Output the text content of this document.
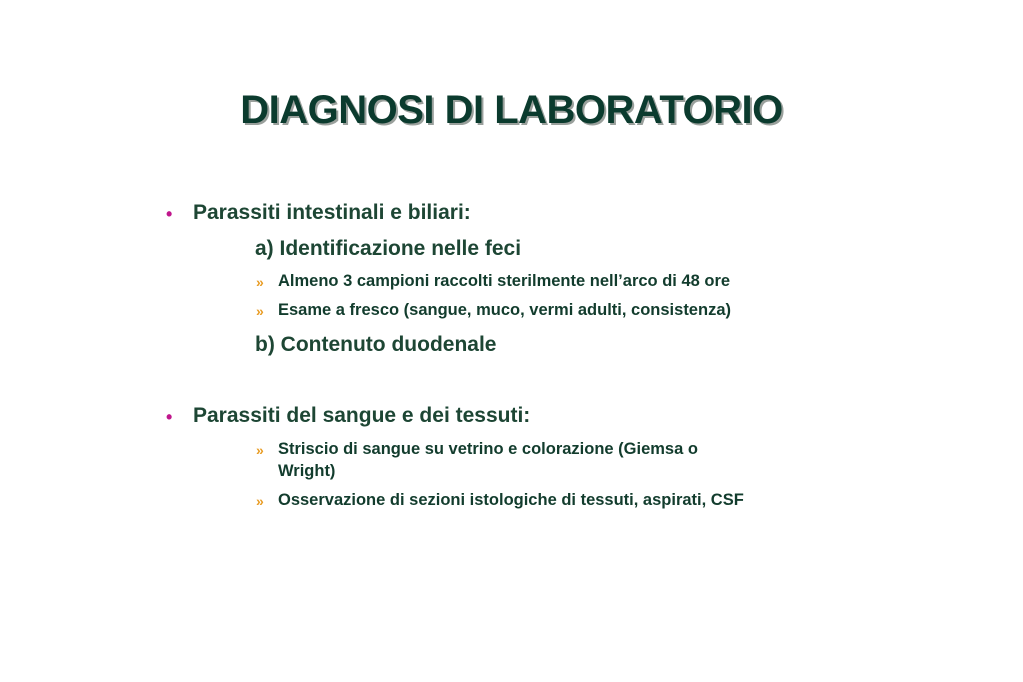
DIAGNOSI DI LABORATORIO
• Parassiti intestinali e biliari:
a) Identificazione nelle feci
» Almeno 3 campioni raccolti sterilmente nell’arco di 48 ore
» Esame a fresco (sangue, muco, vermi adulti, consistenza)
b) Contenuto duodenale
• Parassiti del sangue e dei tessuti:
» Striscio di sangue su vetrino e colorazione (Giemsa o
Wright)
» Osservazione di sezioni istologiche di tessuti, aspirati, CSF
